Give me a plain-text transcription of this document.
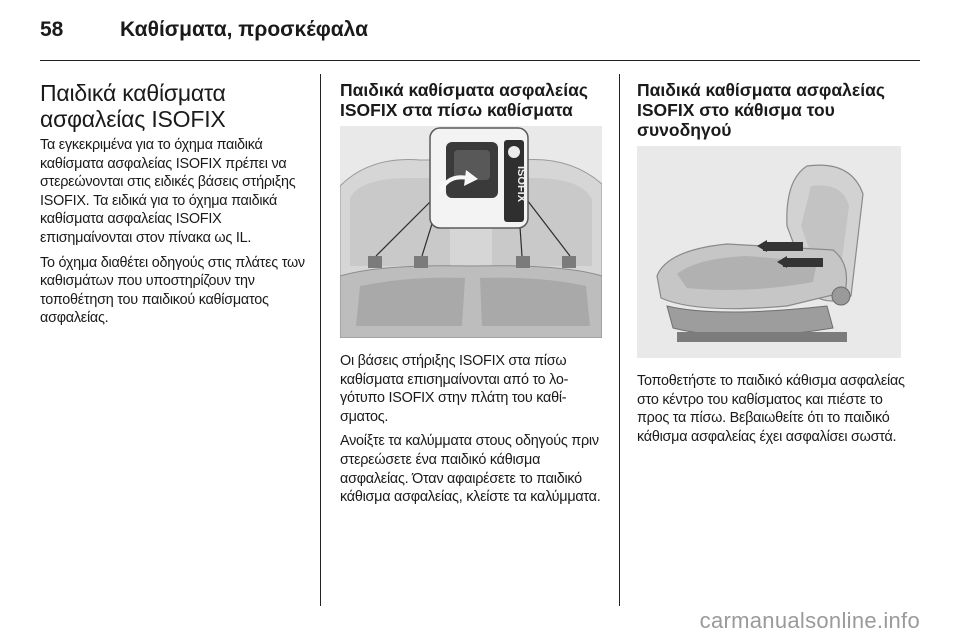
58	Καθίσματα, προσκέφαλα
Παιδικά καθίσματα ασφαλείας ISOFIX

Τα εγκεκριμένα για το όχημα παιδικά καθίσματα ασφαλείας ISOFIX πρέπει να στερεώνονται στις ειδικές βάσεις στήριξης ISOFIX. Τα ειδικά για το όχημα παιδικά καθίσματα ασφαλείας ISOFIX επισημαίνονται στον πίνακα ως IL.

Το όχημα διαθέτει οδηγούς στις πλάτες των καθισμάτων που υποστηρίζουν την τοποθέτηση του παιδικού καθίσματος ασφαλείας.

Παιδικά καθίσματα ασφαλείας ISOFIX στα πίσω καθίσματα
ISOFIX

Οι βάσεις στήριξης ISOFIX στα πίσω καθίσματα επισημαίνονται από το λογότυπο ISOFIX στην πλάτη του καθίσματος.

Ανοίξτε τα καλύμματα στους οδηγούς πριν στερεώσετε ένα παιδικό κάθισμα ασφαλείας. Όταν αφαιρέσετε το παιδικό κάθισμα ασφαλείας, κλείστε τα καλύμματα.

Παιδικά καθίσματα ασφαλείας ISOFIX στο κάθισμα του συνοδηγού

Τοποθετήστε το παιδικό κάθισμα ασφαλείας στο κέντρο του καθίσματος και πιέστε το προς τα πίσω. Βεβαιωθείτε ότι το παιδικό κάθισμα ασφαλείας έχει ασφαλίσει σωστά.

carmanualsonline.info
